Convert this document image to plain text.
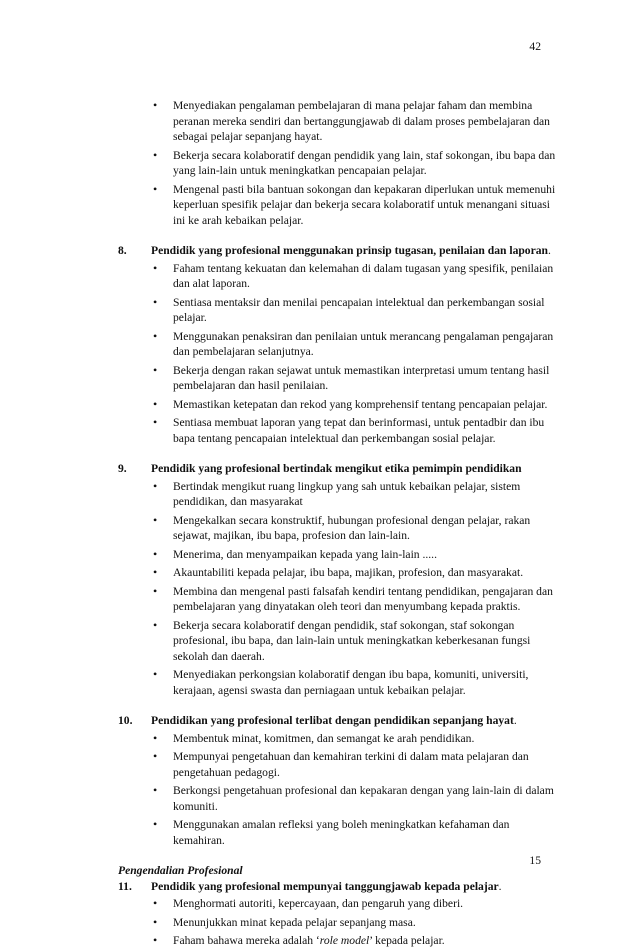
42
• Menyediakan pengalaman pembelajaran di mana pelajar faham dan membina peranan mereka sendiri dan bertanggungjawab di dalam proses pembelajaran dan sebagai pelajar sepanjang hayat.
• Bekerja secara kolaboratif dengan pendidik yang lain, staf sokongan, ibu bapa dan yang lain-lain untuk meningkatkan pencapaian pelajar.
• Mengenal pasti bila bantuan sokongan dan kepakaran diperlukan untuk memenuhi keperluan spesifik pelajar dan bekerja secara kolaboratif untuk menangani situasi ini ke arah kebaikan pelajar.
8.	Pendidik yang profesional menggunakan prinsip tugasan, penilaian dan laporan.
• Faham tentang kekuatan dan kelemahan di dalam tugasan yang spesifik, penilaian dan alat laporan.
• Sentiasa mentaksir dan menilai pencapaian intelektual dan perkembangan sosial pelajar.
• Menggunakan penaksiran dan penilaian untuk merancang pengalaman pengajaran dan pembelajaran selanjutnya.
• Bekerja dengan rakan sejawat untuk memastikan interpretasi umum tentang hasil pembelajaran dan hasil penilaian.
• Memastikan ketepatan dan rekod yang komprehensif tentang pencapaian pelajar.
• Sentiasa membuat laporan yang tepat dan berinformasi, untuk pentadbir dan ibu bapa tentang pencapaian intelektual dan perkembangan sosial pelajar.
9.	Pendidik yang profesional bertindak mengikut etika pemimpin pendidikan
• Bertindak mengikut ruang lingkup yang sah untuk kebaikan pelajar, sistem pendidikan, dan masyarakat
• Mengekalkan secara konstruktif, hubungan profesional dengan pelajar, rakan sejawat, majikan, ibu bapa, profesion dan lain-lain.
• Menerima, dan menyampaikan kepada yang lain-lain .....
• Akauntabiliti kepada pelajar, ibu bapa, majikan, profesion, dan masyarakat.
• Membina dan mengenal pasti falsafah kendiri tentang pendidikan, pengajaran dan pembelajaran yang dinyatakan oleh teori dan menyumbang kepada praktis.
• Bekerja secara kolaboratif dengan pendidik, staf sokongan, staf sokongan profesional, ibu bapa, dan lain-lain untuk meningkatkan keberkesanan fungsi sekolah dan daerah.
• Menyediakan perkongsian kolaboratif dengan ibu bapa, komuniti, universiti, kerajaan, agensi swasta dan perniagaan untuk kebaikan pelajar.
10.	Pendidikan yang profesional terlibat dengan pendidikan sepanjang hayat.
• Membentuk minat, komitmen, dan semangat ke arah pendidikan.
• Mempunyai pengetahuan dan kemahiran terkini di dalam mata pelajaran dan pengetahuan pedagogi.
• Berkongsi pengetahuan profesional dan kepakaran dengan yang lain-lain di dalam komuniti.
• Menggunakan amalan refleksi yang boleh meningkatkan kefahaman dan kemahiran.
Pengendalian Profesional
11.	Pendidik yang profesional mempunyai tanggungjawab kepada pelajar.
• Menghormati autoriti, kepercayaan, dan pengaruh yang diberi.
• Menunjukkan minat kepada pelajar sepanjang masa.
• Faham bahawa mereka adalah ‘role model’ kepada pelajar.
15
